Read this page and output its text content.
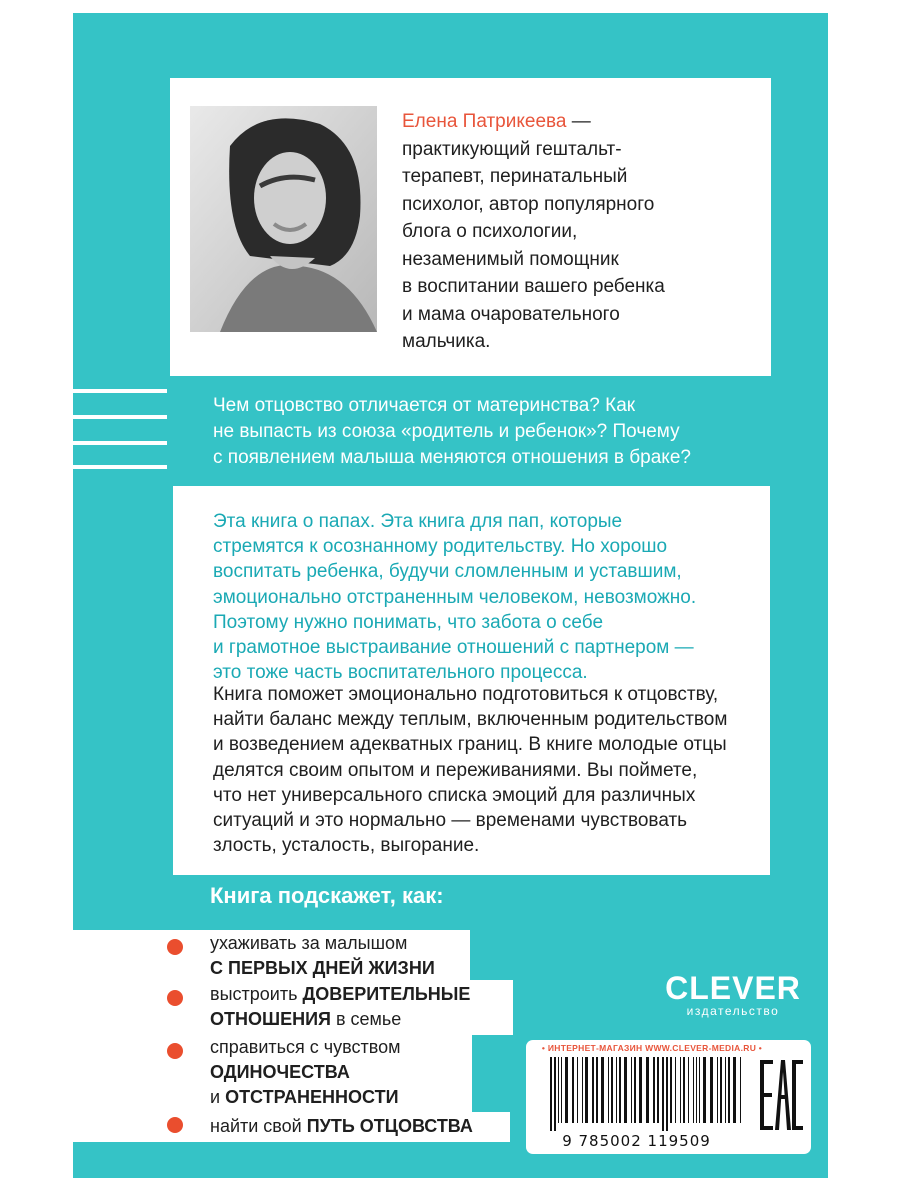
Елена Патрикеева —
практикующий гештальт-
терапевт, перинатальный
психолог, автор популярного
блога о психологии,
незаменимый помощник
в воспитании вашего ребенка
и мама очаровательного
мальчика.
Чем отцовство отличается от материнства? Как
не выпасть из союза «родитель и ребенок»? Почему
с появлением малыша меняются отношения в браке?
Эта книга о папах. Эта книга для пап, которые
стремятся к осознанному родительству. Но хорошо
воспитать ребенка, будучи сломленным и уставшим,
эмоционально отстраненным человеком, невозможно.
Поэтому нужно понимать, что забота о себе
и грамотное выстраивание отношений с партнером —
это тоже часть воспитательного процесса.
Книга поможет эмоционально подготовиться к отцовству,
найти баланс между теплым, включенным родительством
и возведением адекватных границ. В книге молодые отцы
делятся своим опытом и переживаниями. Вы поймете,
что нет универсального списка эмоций для различных
ситуаций и это нормально — временами чувствовать
злость, усталость, выгорание.
Книга подскажет, как:
ухаживать за малышом
С ПЕРВЫХ ДНЕЙ ЖИЗНИ
выстроить ДОВЕРИТЕЛЬНЫЕ
ОТНОШЕНИЯ в семье
справиться с чувством
ОДИНОЧЕСТВА
и ОТСТРАНЕННОСТИ
найти свой ПУТЬ ОТЦОВСТВА
CLEVER
издательство
• ИНТЕРНЕТ-МАГАЗИН WWW.CLEVER-MEDIA.RU •
9 785002 119509
